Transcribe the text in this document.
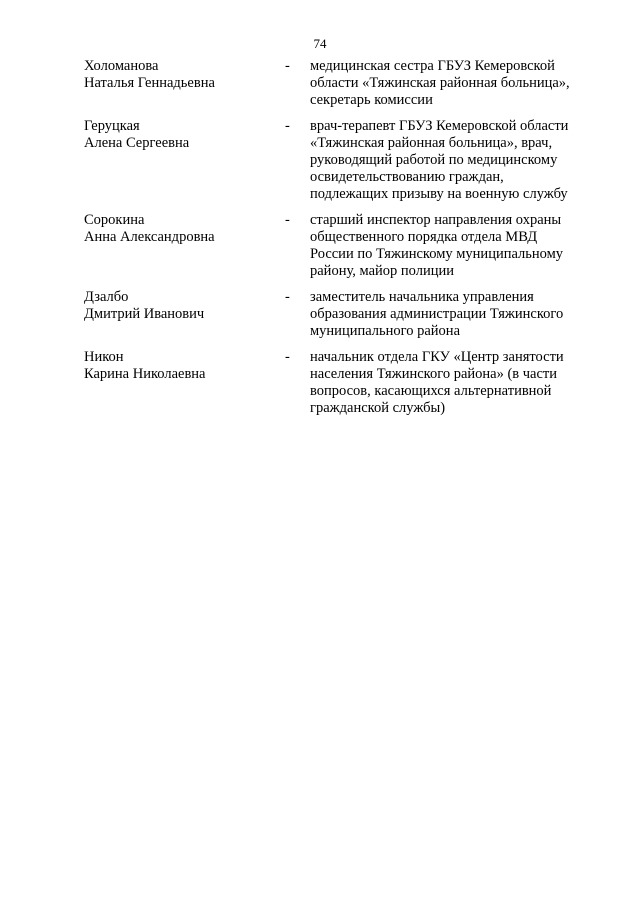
74
Холоманова
Наталья Геннадьевна
-	медицинская сестра ГБУЗ Кемеровской
области «Тяжинская районная больница»,
секретарь комиссии
Геруцкая
Алена Сергеевна
-	врач-терапевт ГБУЗ Кемеровской области
«Тяжинская районная больница», врач,
руководящий работой по медицинскому
освидетельствованию граждан,
подлежащих призыву на военную службу
Сорокина
Анна Александровна
-	старший инспектор направления охраны
общественного порядка отдела МВД
России по Тяжинскому муниципальному
району, майор полиции
Дзалбо
Дмитрий Иванович
-	заместитель начальника управления
образования администрации Тяжинского
муниципального района
Никон
Карина Николаевна
-	начальник отдела ГКУ «Центр занятости
населения Тяжинского района» (в части
вопросов, касающихся альтернативной
гражданской службы)
